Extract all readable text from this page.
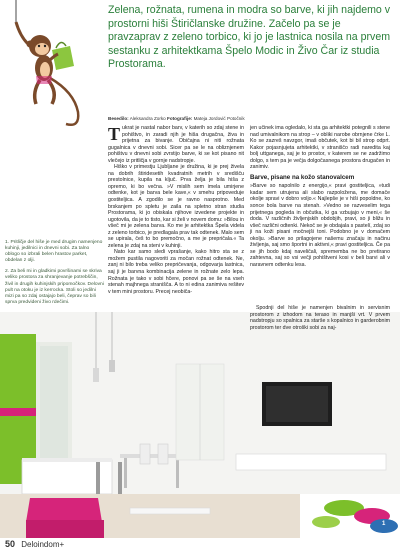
Zelena, rožnata, rumena in modra so barve, ki jih najdemo v prostorni hiši Štiričlanske družine. Začelo pa se je pravzaprav z zeleno torbico, ki jo je lastnica nosila na prvem sestanku z arhitektkama Špelo Modic in Živo Čar iz studia Prostorama.

Besedilo: Aleksandra Zorko Fotografije: Mateja Jordović Potočnik

1. Pritličje del hiše je med drugim namenjeno kuhinji, jedilnici in dnevni sobi. Za talno oblogo so izbrali belen hrastov parket, obdelan z olji.

2. Za beli mi in gladkimi površinami se skriva veliko prostora za shranjevanje potrebščin, živil in drugih kuhinjskih pripomočkov. Delovni pult na otoku je iz kerrocka. Stoli so jedilni mizi pa so zdaj ostajajo beli, čeprav so bili sprva predvideni živo rdečimi.

Tukrat je nastal nabor barv, v katerih so zdaj stene in pohištvo, in zaradi njih je hiša drugačna, živa in prijetna za bivanje. Običajna ni niti rožnata gugalnica v dnevni sobi. Sicer pa se le na obliznjenem pohištvu v dnevni sobi zvrstijo barve, ki se kot pisano nit vlečejo iz pritličja v gornje nadstropje.

Hiško v primestju Ljubljane je družina, ki je prej živela na dobrih štiridesetih kvadratnih metrih v središču prestolnice, kupila na ključ. Prva želja je bila hiša z opremo, ki bo večna. »V mislih sem imela umirjene odtenke, kot je barva bele kave,« v smehu pripoveduje gostiteljica. A zgodilo se je ravno nasprotno. Med brskanjem po spletu je zaila na spletno stran studia Prostorama, ki jo obiskala njihove izvedene projekte in ugotovila, da je to tisto, kar si želi v novem domu: »Bilou in všeč mi je zelena barva. Ko me je arhitektka Špela videla z zeleno torbico, je predlagala prav tak odtenek. Malo sem se upirala, češ to bo premočno, a me je prepričala.« Ta zelena je zdaj na steni v kuhinji.

Nato kar samo sledi vprašanje, kako hitro sta se z možem pustila nagovoriti za močan rožnat odtenek. Ne, zanj ni bilo treba veliko prepričevanja, odgovarja lastnica, saj ji je barvna kombinacija zelene in rožnate zelo lepa. Rožnata je tako v sobi hčere, ponovi pa se še na vseh stenah majhnega stranišča. A to ni edina zanimiva rešitev v tem mini prostoru. Precej neobiča-

jen učinek ima ogledalo, ki sta ga arhitektki potegnili s stene nad umivalnikom na strop – v obliki narobe obrnjene črke L. Ko se zazreš navzgor, imaš občutek, kot bi bil strop odprt. Kakor pojasnjujeta arhitektki, v straniščo radi naredita kaj bolj uttganega, saj je to prostor, v katerem se ne zadržimo dolgo, s tem pa je večja dolgočasnega prostora drugačen in zanimiv.

Barve, pisane na kožo stanovalcem

»Barve so napolnilo z energijo,« pravi gostiteljica, »tudi kadar sem utrujena ali slabo razpoložena, me domače okolje spravi v dobro voljo.« Najlepše je v hiši popoldne, ko sonce bola barve na stenah. »Vedno se razveselim tega prijetnega pogleda in občutka, ki ga vzbujajo v meni,« še doda. V različnih življenjskih obdobjih, pravi, so ji bližu in všeč različni odtenki. Nekoč se je obdajala s pastelí, zdaj so ji na koži pisani močnejši toni. Podobno je v domačem okolju. »Barve so prilagojene našemu značaju in načinu življenja, saj smo športni in aktivni,« pravi gostiteljica. Če pa se jih bodo kdaj naveličali, sprememba ne bo pretirano zahtevna, saj so vsi večji pohištveni kosi v beli barvi ali v naravnem odtenku lesa.

1

Spodnji del hiše je namenjen bivalnim in servisnim prostorom z izhodom na teraso in manjši vrt. V prvem nadstropju so spalnica za starše s kopalnico in garderobnim prostorom ter dve otroški sobi za naj-

50 Deloindom+
